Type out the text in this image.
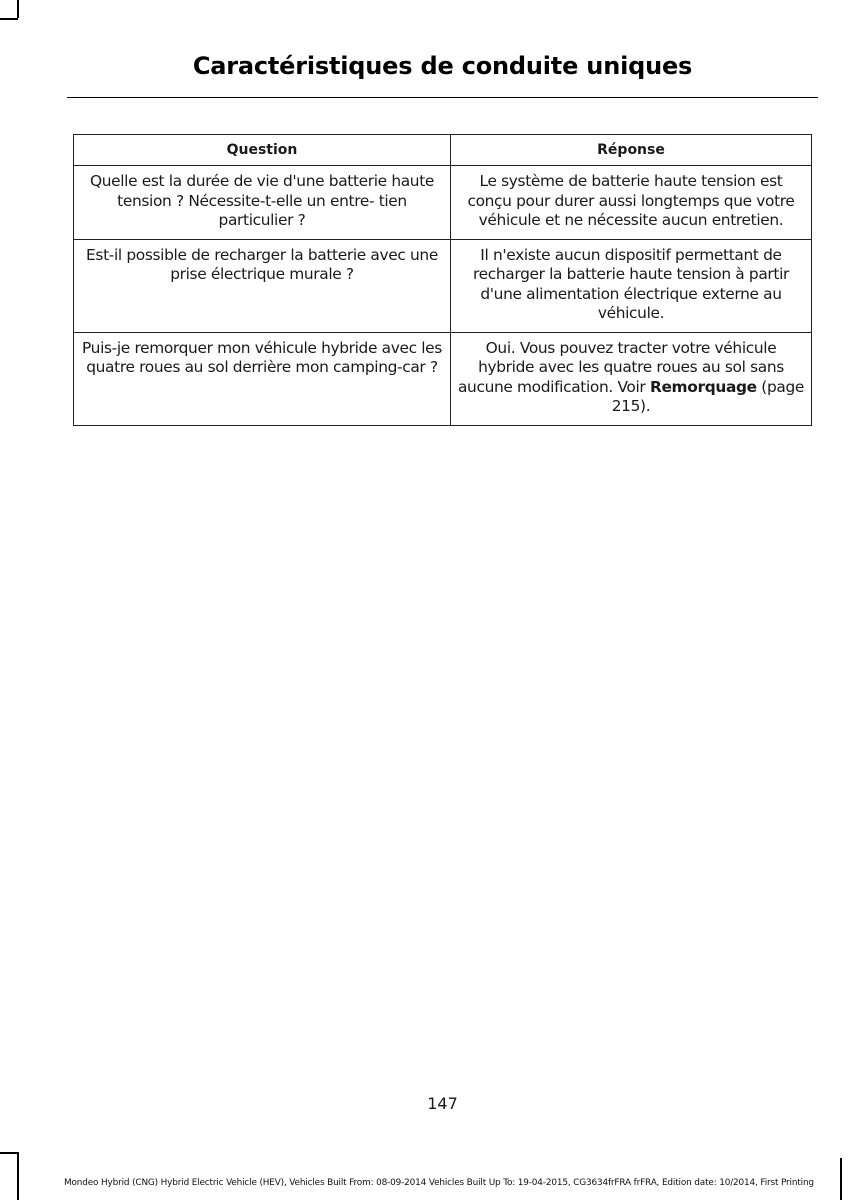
Caractéristiques de conduite uniques
Question	Réponse
Quelle est la durée de vie d'une batterie haute tension ? Nécessite-t-elle un entre- tien particulier ?	Le système de batterie haute tension est conçu pour durer aussi longtemps que votre véhicule et ne nécessite aucun entretien.
Est-il possible de recharger la batterie avec une prise électrique murale ?	Il n'existe aucun dispositif permettant de recharger la batterie haute tension à partir d'une alimentation électrique externe au véhicule.
Puis-je remorquer mon véhicule hybride avec les quatre roues au sol derrière mon camping-car ?	Oui. Vous pouvez tracter votre véhicule hybride avec les quatre roues au sol sans aucune modification. Voir Remorquage (page 215).
147
Mondeo Hybrid (CNG) Hybrid Electric Vehicle (HEV), Vehicles Built From: 08-09-2014 Vehicles Built Up To: 19-04-2015, CG3634frFRA frFRA, Edition date: 10/2014, First Printing
